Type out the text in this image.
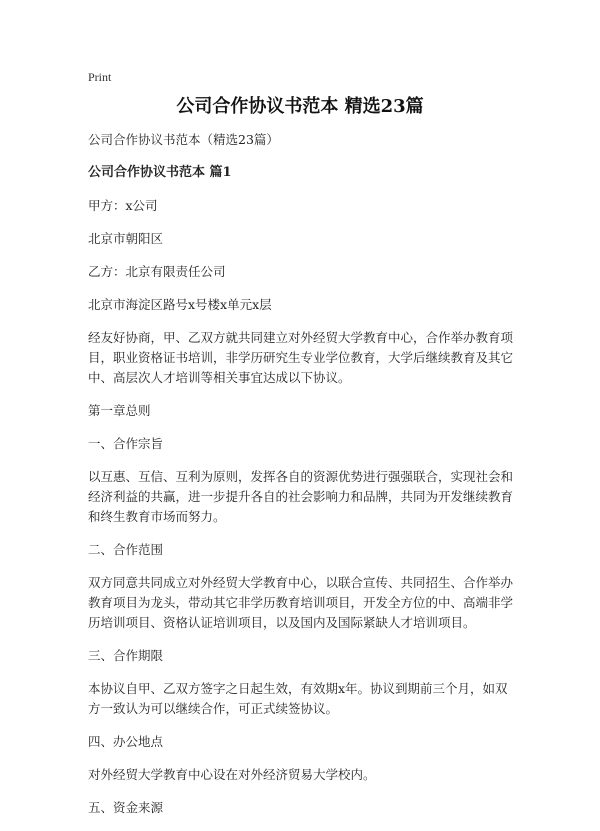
Print
公司合作协议书范本 精选23篇

公司合作协议书范本（精选23篇）

公司合作协议书范本 篇1

甲方：x公司

北京市朝阳区

乙方：北京有限责任公司

北京市海淀区路号x号楼x单元x层

经友好协商，甲、乙双方就共同建立对外经贸大学教育中心，合作举办教育项目，职业资格证书培训，非学历研究生专业学位教育，大学后继续教育及其它中、高层次人才培训等相关事宜达成以下协议。

第一章总则

一、合作宗旨

以互惠、互信、互利为原则，发挥各自的资源优势进行强强联合，实现社会和经济利益的共赢，进一步提升各自的社会影响力和品牌，共同为开发继续教育和终生教育市场而努力。

二、合作范围

双方同意共同成立对外经贸大学教育中心，以联合宣传、共同招生、合作举办教育项目为龙头，带动其它非学历教育培训项目，开发全方位的中、高端非学历培训项目、资格认证培训项目，以及国内及国际紧缺人才培训项目。

三、合作期限

本协议自甲、乙双方签字之日起生效，有效期x年。协议到期前三个月，如双方一致认为可以继续合作，可正式续签协议。

四、办公地点

对外经贸大学教育中心设在对外经济贸易大学校内。

五、资金来源
